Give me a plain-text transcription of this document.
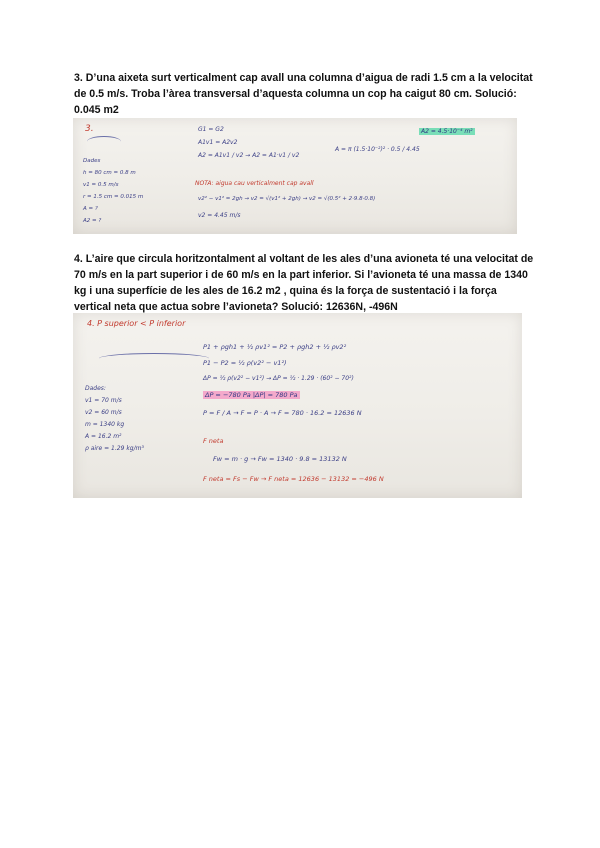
3. D’una aixeta surt verticalment cap avall una columna d’aigua de radi 1.5 cm a la velocitat de 0.5 m/s. Troba l’àrea transversal d’aquesta columna un cop ha caigut 80 cm. Solució: 0.045 m2

3.	G1 = G2
A1v1 = A2v2
A2 = A1v1 / v2 → A2 = A1·v1 / v2
A = π (1.5·10⁻²)² · 0.5 / 4.45
A2 = 4.5·10⁻⁴ m²
Dades
h = 80 cm = 0.8 m
v1 = 0.5 m/s
r = 1.5 cm = 0.015 m
A = ?
A2 = ?
NOTA: aigua cau verticalment cap avall
v2² − v1² = 2gh → v2 = √(v1² + 2gh) → v2 = √(0.5² + 2·9.8·0.8)
v2 = 4.45 m/s

4. L’aire que circula horitzontalment al voltant de les ales d’una avioneta té una velocitat de 70 m/s en la part superior i de 60 m/s en la part inferior. Si l’avioneta té una massa de 1340 kg i una superfície de les ales de 16.2 m2 , quina és la força de sustentació i la força vertical neta que actua sobre l’avioneta? Solució: 12636N, -496N

4. P superior < P inferior
P1 + ρgh1 + ½ ρv1² = P2 + ρgh2 + ½ ρv2²
P1 − P2 = ½ ρ(v2² − v1²)
ΔP = ½ ρ(v2² − v1²) → ΔP = ½ · 1.29 · (60² − 70²)
ΔP = −780 Pa |ΔP| = 780 Pa
P = F / A → F = P · A → F = 780 · 16.2 = 12636 N
Dades:
v1 = 70 m/s
v2 = 60 m/s
m = 1340 kg
A = 16.2 m²
ρ aire = 1.29 kg/m³
F neta
Fw = m · g → Fw = 1340 · 9.8 = 13132 N
F neta = Fs − Fw → F neta = 12636 − 13132 = −496 N
